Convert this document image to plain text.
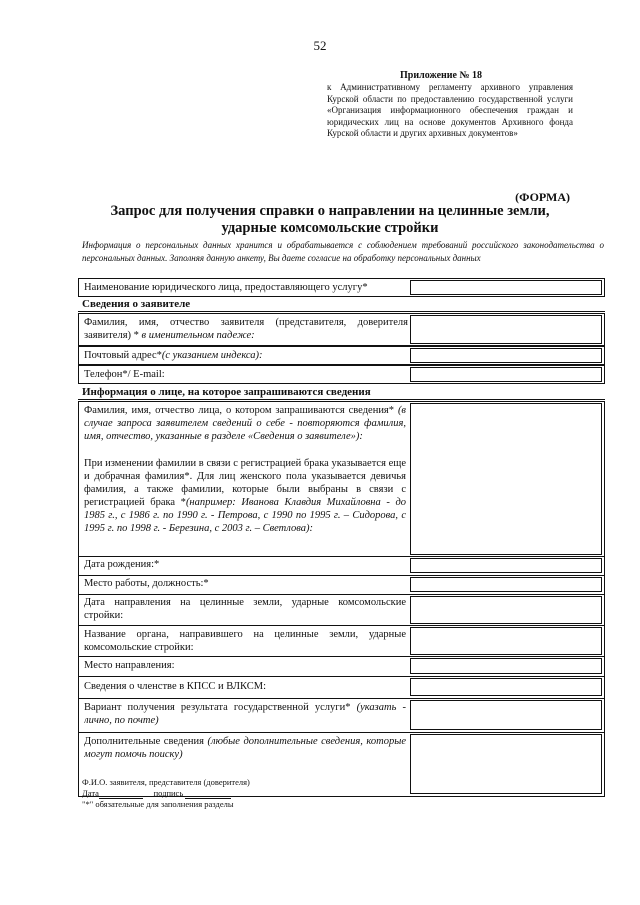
52
Приложение № 18
к Административному регламенту архивного управления Курской области по предоставлению государственной услуги «Организация информационного обеспечения граждан и юридических лиц на основе документов Архивного фонда Курской области и других архивных документов»
(ФОРМА)
Запрос для получения справки о направлении на целинные земли,
ударные комсомольские стройки
Информация о персональных данных хранится и обрабатывается с соблюдением требований российского законодательства о персональных данных. Заполняя данную анкету, Вы даете согласие на обработку персональных данных
Наименование юридического лица, предоставляющего услугу*
Сведения о заявителе
Фамилия, имя, отчество заявителя (представителя, доверителя заявителя) * в именительном падеже:
Почтовый адрес*(с указанием индекса):
Телефон*/ E-mail:
Информация о лице, на которое запрашиваются сведения
Фамилия, имя, отчество лица, о котором запрашиваются сведения* (в случае запроса заявителем сведений о себе - повторяются фамилия, имя, отчество, указанные в разделе «Сведения о заявителе»):
При изменении фамилии в связи с регистрацией брака указывается еще и добрачная фамилия*. Для лиц женского пола указывается девичья фамилия, а также фамилии, которые были выбраны в связи с регистрацией брака *(например: Иванова Клавдия Михайловна - до 1985 г., с 1986 г. по 1990 г. - Петрова, с 1990 по 1995 г. – Сидорова, с 1995 г. по 1998 г. - Березина, с 2003 г. – Светлова):
Дата рождения:*
Место работы, должность:*
Дата направления на целинные земли, ударные комсомольские стройки:
Название органа, направившего на целинные земли, ударные комсомольские стройки:
Место направления:
Сведения о членстве в КПСС и ВЛКСМ:
Вариант получения результата государственной услуги* (указать - лично, по почте)
Дополнительные сведения (любые дополнительные сведения, которые могут помочь поиску)
Ф.И.О. заявителя, представителя (доверителя)
Дата	подпись
"*" обязательные для заполнения разделы
